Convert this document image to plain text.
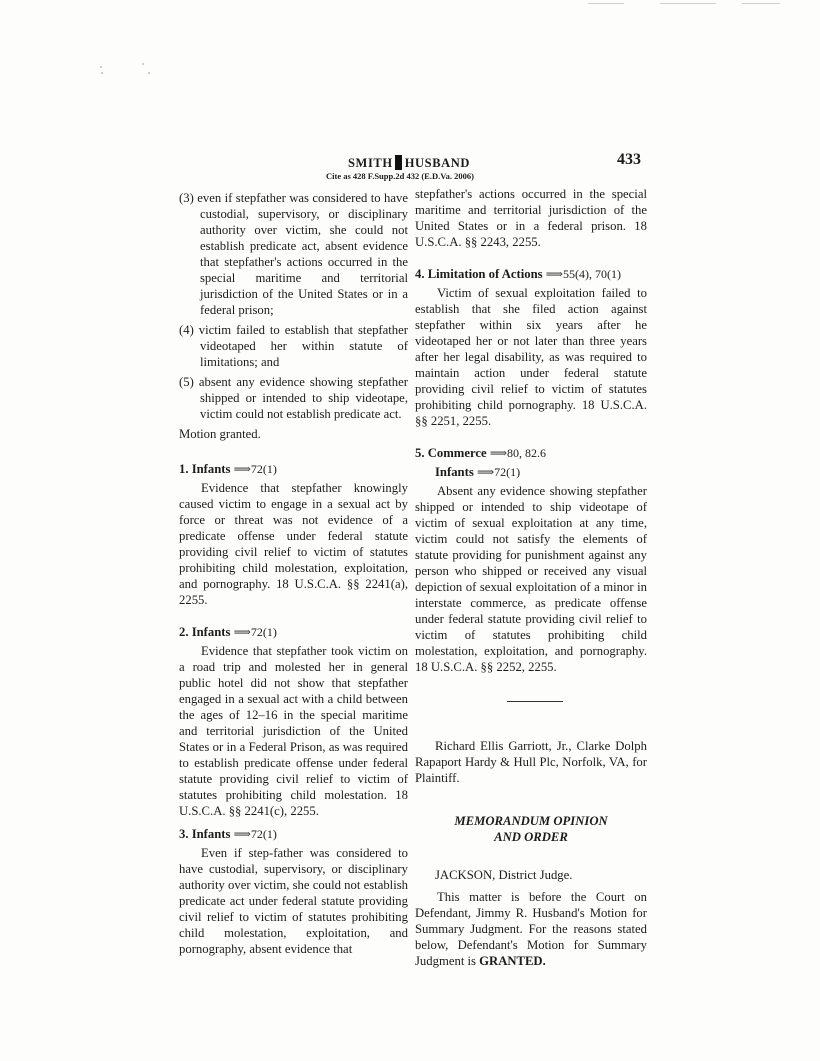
SMITH HUSBAND
Cite as 428 F.Supp.2d 432 (E.D.Va. 2006)
433

(3) even if stepfather was considered to have custodial, supervisory, or disciplinary authority over victim, she could not establish predicate act, absent evidence that stepfather's actions occurred in the special maritime and territorial jurisdiction of the United States or in a federal prison;

(4) victim failed to establish that stepfather videotaped her within statute of limitations; and

(5) absent any evidence showing stepfather shipped or intended to ship videotape, victim could not establish predicate act.

Motion granted.

1. Infants ⟹72(1)

Evidence that stepfather knowingly caused victim to engage in a sexual act by force or threat was not evidence of a predicate offense under federal statute providing civil relief to victim of statutes prohibiting child molestation, exploitation, and pornography. 18 U.S.C.A. §§ 2241(a), 2255.

2. Infants ⟹72(1)

Evidence that stepfather took victim on a road trip and molested her in general public hotel did not show that stepfather engaged in a sexual act with a child between the ages of 12–16 in the special maritime and territorial jurisdiction of the United States or in a Federal Prison, as was required to establish predicate offense under federal statute providing civil relief to victim of statutes prohibiting child molestation. 18 U.S.C.A. §§ 2241(c), 2255.

3. Infants ⟹72(1)

Even if step-father was considered to have custodial, supervisory, or disciplinary authority over victim, she could not establish predicate act under federal statute providing civil relief to victim of statutes prohibiting child molestation, exploitation, and pornography, absent evidence that

stepfather's actions occurred in the special maritime and territorial jurisdiction of the United States or in a federal prison. 18 U.S.C.A. §§ 2243, 2255.

4. Limitation of Actions ⟹55(4), 70(1)

Victim of sexual exploitation failed to establish that she filed action against stepfather within six years after he videotaped her or not later than three years after her legal disability, as was required to maintain action under federal statute providing civil relief to victim of statutes prohibiting child pornography. 18 U.S.C.A. §§ 2251, 2255.

5. Commerce ⟹80, 82.6

Infants ⟹72(1)

Absent any evidence showing stepfather shipped or intended to ship videotape of victim of sexual exploitation at any time, victim could not satisfy the elements of statute providing for punishment against any person who shipped or received any visual depiction of sexual exploitation of a minor in interstate commerce, as predicate offense under federal statute providing civil relief to victim of statutes prohibiting child molestation, exploitation, and pornography. 18 U.S.C.A. §§ 2252, 2255.

Richard Ellis Garriott, Jr., Clarke Dolph Rapaport Hardy & Hull Plc, Norfolk, VA, for Plaintiff.

MEMORANDUM OPINION
AND ORDER

JACKSON, District Judge.

This matter is before the Court on Defendant, Jimmy R. Husband's Motion for Summary Judgment. For the reasons stated below, Defendant's Motion for Summary Judgment is GRANTED.
